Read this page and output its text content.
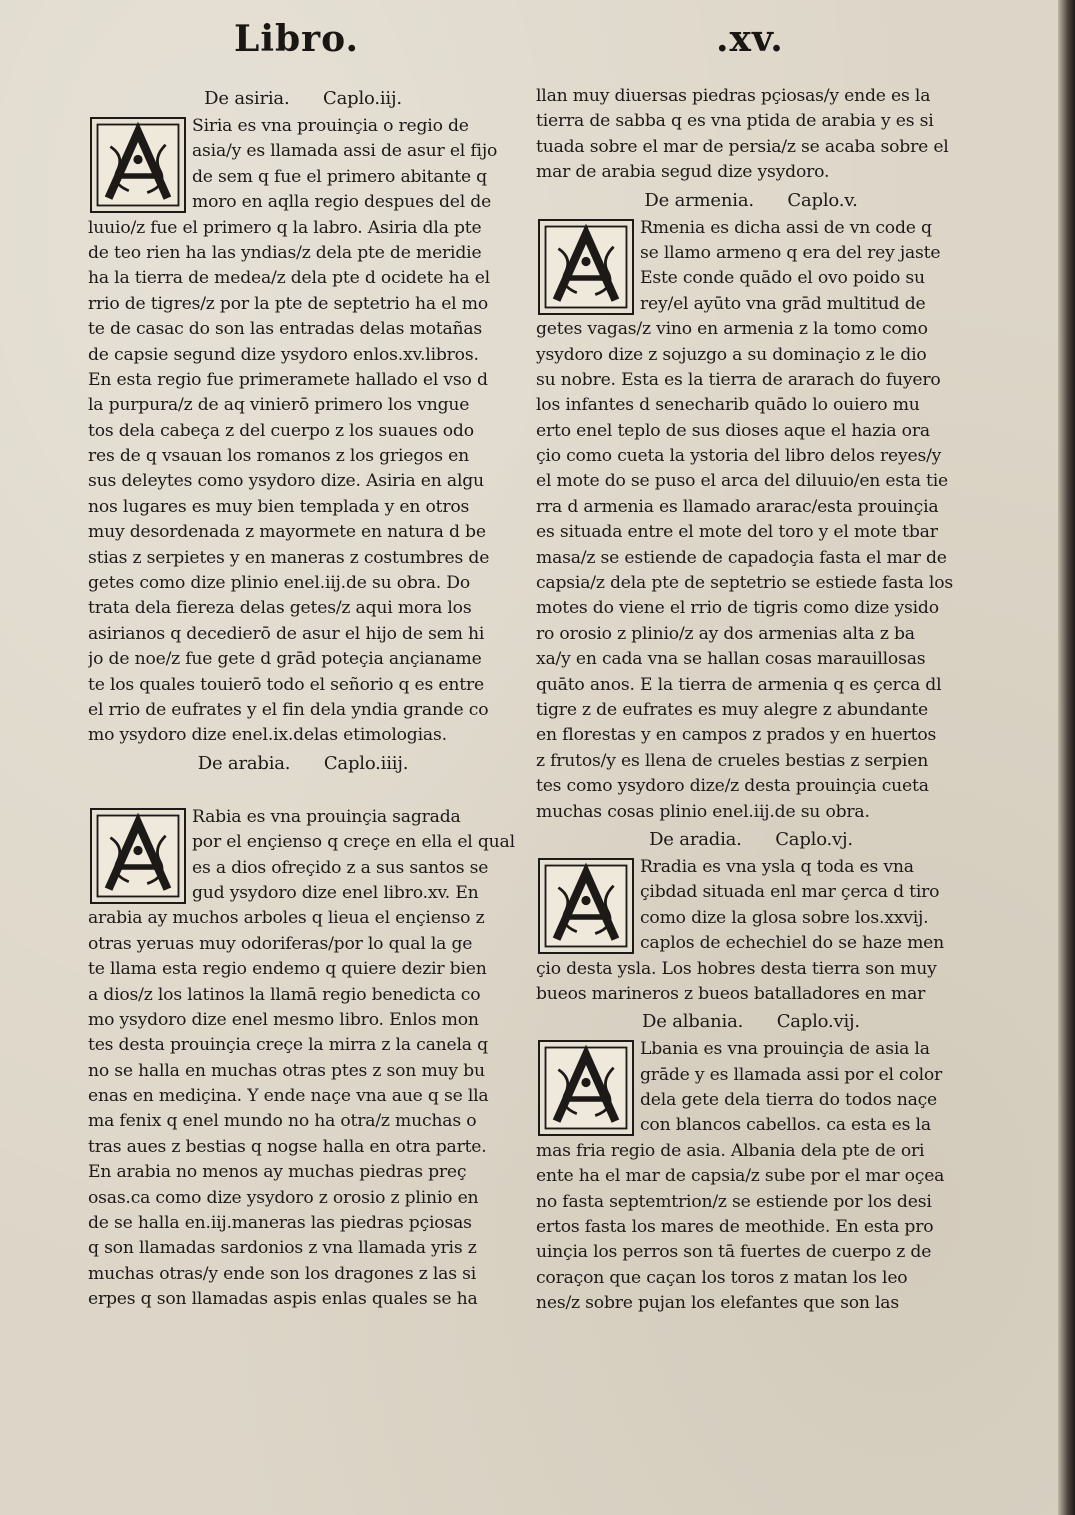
Libro.	.xv.
De asiria. Caplo.iij.
Siria es vna prouinçia o regio de
asia/y es llamada assi de asur el fijo
de sem q fue el primero abitante q
moro en aqlla regio despues del de
luuio/z fue el primero q la labro. Asiria dla pte
de teo rien ha las yndias/z dela pte de meridie
ha la tierra de medea/z dela pte d ocidete ha el
rrio de tigres/z por la pte de septetrio ha el mo
te de casac do son las entradas delas motañas
de capsie segund dize ysydoro enlos.xv.libros.
En esta regio fue primeramete hallado el vso d
la purpura/z de aq vinierō primero los vngue
tos dela cabeça z del cuerpo z los suaues odo
res de q vsauan los romanos z los griegos en
sus deleytes como ysydoro dize. Asiria en algu
nos lugares es muy bien templada y en otros
muy desordenada z mayormete en natura d be
stias z serpietes y en maneras z costumbres de
getes como dize plinio enel.iij.de su obra. Do
trata dela fiereza delas getes/z aqui mora los
asirianos q decedierō de asur el hijo de sem hi
jo de noe/z fue gete d grād poteçia ançianame
te los quales touierō todo el señorio q es entre
el rrio de eufrates y el fin dela yndia grande co
mo ysydoro dize enel.ix.delas etimologias.
De arabia. Caplo.iiij.
Rabia es vna prouinçia sagrada
por el ençienso q creçe en ella el qual
es a dios ofreçido z a sus santos se
gud ysydoro dize enel libro.xv. En
arabia ay muchos arboles q lieua el ençienso z
otras yeruas muy odoriferas/por lo qual la ge
te llama esta regio endemo q quiere dezir bien
a dios/z los latinos la llamā regio benedicta co
mo ysydoro dize enel mesmo libro. Enlos mon
tes desta prouinçia creçe la mirra z la canela q
no se halla en muchas otras ptes z son muy bu
enas en mediçina. Y ende naçe vna aue q se lla
ma fenix q enel mundo no ha otra/z muchas o
tras aues z bestias q nogse halla en otra parte.
En arabia no menos ay muchas piedras preç
osas.ca como dize ysydoro z orosio z plinio en
de se halla en.iij.maneras las piedras pçiosas
q son llamadas sardonios z vna llamada yris z
muchas otras/y ende son los dragones z las si
erpes q son llamadas aspis enlas quales se ha
llan muy diuersas piedras pçiosas/y ende es la
tierra de sabba q es vna ptida de arabia y es si
tuada sobre el mar de persia/z se acaba sobre el
mar de arabia segud dize ysydoro.
De armenia. Caplo.v.
Rmenia es dicha assi de vn code q
se llamo armeno q era del rey jaste
Este conde quādo el ovo poido su
rey/el ayūto vna grād multitud de
getes vagas/z vino en armenia z la tomo como
ysydoro dize z sojuzgo a su dominaçio z le dio
su nobre. Esta es la tierra de ararach do fuyero
los infantes d senecharib quādo lo ouiero mu
erto enel teplo de sus dioses aque el hazia ora
çio como cueta la ystoria del libro delos reyes/y
el mote do se puso el arca del diluuio/en esta tie
rra d armenia es llamado ararac/esta prouinçia
es situada entre el mote del toro y el mote tbar
masa/z se estiende de capadoçia fasta el mar de
capsia/z dela pte de septetrio se estiede fasta los
motes do viene el rrio de tigris como dize ysido
ro orosio z plinio/z ay dos armenias alta z ba
xa/y en cada vna se hallan cosas marauillosas
quāto anos. E la tierra de armenia q es çerca dl
tigre z de eufrates es muy alegre z abundante
en florestas y en campos z prados y en huertos
z frutos/y es llena de crueles bestias z serpien
tes como ysydoro dize/z desta prouinçia cueta
muchas cosas plinio enel.iij.de su obra.
De aradia. Caplo.vj.
Rradia es vna ysla q toda es vna
çibdad situada enl mar çerca d tiro
como dize la glosa sobre los.xxvij.
caplos de echechiel do se haze men
çio desta ysla. Los hobres desta tierra son muy
bueos marineros z bueos batalladores en mar
De albania. Caplo.vij.
Lbania es vna prouinçia de asia la
grāde y es llamada assi por el color
dela gete dela tierra do todos naçe
con blancos cabellos. ca esta es la
mas fria regio de asia. Albania dela pte de ori
ente ha el mar de capsia/z sube por el mar oçea
no fasta septemtrion/z se estiende por los desi
ertos fasta los mares de meothide. En esta pro
uinçia los perros son tā fuertes de cuerpo z de
coraçon que caçan los toros z matan los leo
nes/z sobre pujan los elefantes que son las
